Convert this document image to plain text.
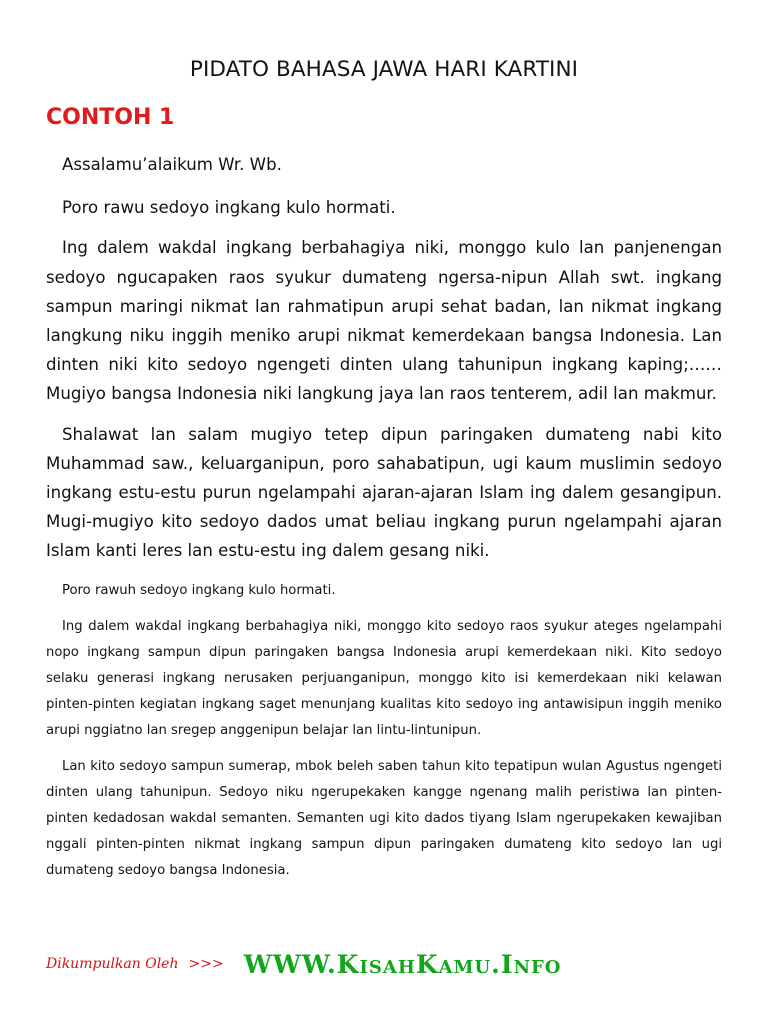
PIDATO BAHASA JAWA HARI KARTINI
CONTOH 1

Assalamu’alaikum Wr. Wb.

Poro rawu sedoyo ingkang kulo hormati.

Ing dalem wakdal ingkang berbahagiya niki, monggo kulo lan panjenengan sedoyo ngucapaken raos syukur dumateng ngersa-nipun Allah swt. ingkang sampun maringi nikmat lan rahmatipun arupi sehat badan, lan nikmat ingkang langkung niku inggih meniko arupi nikmat kemerdekaan bangsa Indonesia. Lan dinten niki kito sedoyo ngengeti dinten ulang tahunipun ingkang kaping;……Mugiyo bangsa Indonesia niki langkung jaya lan raos tenterem, adil lan makmur.

Shalawat lan salam mugiyo tetep dipun paringaken dumateng nabi kito Muhammad saw., keluarganipun, poro sahabatipun, ugi kaum muslimin sedoyo ingkang estu-estu purun ngelampahi ajaran-ajaran Islam ing dalem gesangipun. Mugi-mugiyo kito sedoyo dados umat beliau ingkang purun ngelampahi ajaran Islam kanti leres lan estu-estu ing dalem gesang niki.

Poro rawuh sedoyo ingkang kulo hormati.

Ing dalem wakdal ingkang berbahagiya niki, monggo kito sedoyo raos syukur ateges ngelampahi nopo ingkang sampun dipun paringaken bangsa Indonesia arupi kemerdekaan niki. Kito sedoyo selaku generasi ingkang nerusaken perjuanganipun, monggo kito isi kemerdekaan niki kelawan pinten-pinten kegiatan ingkang saget menunjang kualitas kito sedoyo ing antawisipun inggih meniko arupi nggiatno lan sregep anggenipun belajar lan lintu-lintunipun.

Lan kito sedoyo sampun sumerap, mbok beleh saben tahun kito tepatipun wulan Agustus ngengeti dinten ulang tahunipun. Sedoyo niku ngerupekaken kangge ngenang malih peristiwa lan pinten-pinten kedadosan wakdal semanten. Semanten ugi kito dados tiyang Islam ngerupekaken kewajiban nggali pinten-pinten nikmat ingkang sampun dipun paringaken dumateng kito sedoyo lan ugi dumateng sedoyo bangsa Indonesia.

Dikumpulkan Oleh >>> WWW.KisahKamu.Info
